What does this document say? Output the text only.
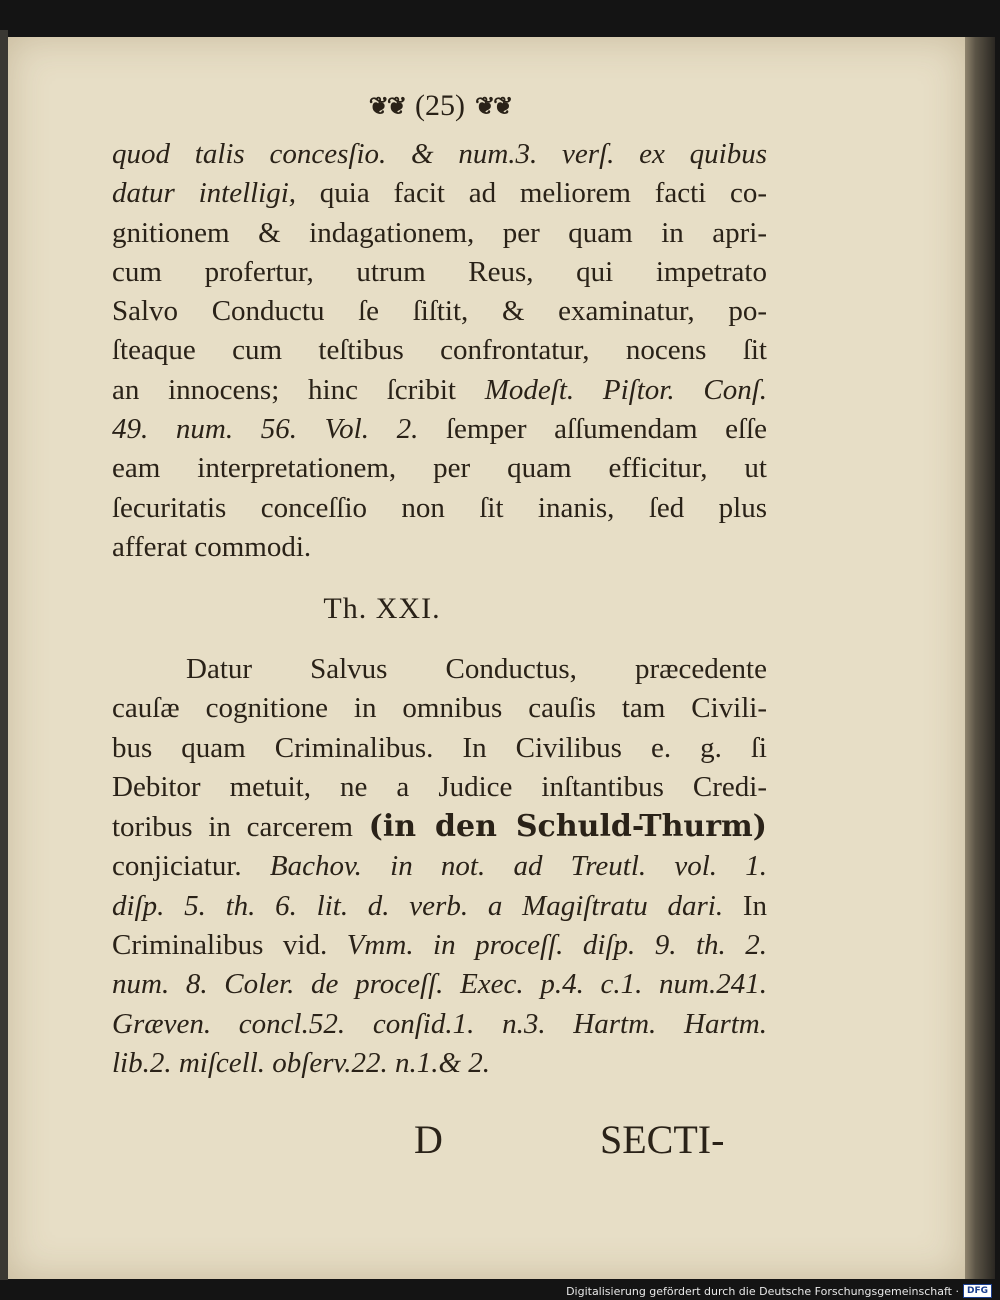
❦❦ (25) ❦❦
quod talis concesſio. & num.3. verſ. ex quibus
datur intelligi, quia facit ad meliorem facti co-
gnitionem & indagationem, per quam in apri-
cum profertur, utrum Reus, qui impetrato
Salvo Conductu ſe ſiſtit, & examinatur, po-
ſteaque cum teſtibus confrontatur, nocens ſit
an innocens; hinc ſcribit Modeſt. Piſtor. Conſ.
49. num. 56. Vol. 2. ſemper aſſumendam eſſe
eam interpretationem, per quam efficitur, ut
ſecuritatis conceſſio non ſit inanis, ſed plus
afferat commodi.
Th. XXI.
Datur Salvus Conductus, præcedente
cauſæ cognitione in omnibus cauſis tam Civili-
bus quam Criminalibus. In Civilibus e. g. ſi
Debitor metuit, ne a Judice inſtantibus Credi-
toribus in carcerem (in den Schuld-Thurm)
conjiciatur. Bachov. in not. ad Treutl. vol. 1.
diſp. 5. th. 6. lit. d. verb. a Magiſtratu dari. In
Criminalibus vid. Vmm. in proceſſ. diſp. 9. th. 2.
num. 8. Coler. de proceſſ. Exec. p.4. c.1. num.241.
Græven. concl.52. conſid.1. n.3. Hartm. Hartm.
lib.2. miſcell. obſerv.22. n.1.& 2.
D	SECTI-
Digitalisierung gefördert durch die Deutsche Forschungsgemeinschaft · DFG
